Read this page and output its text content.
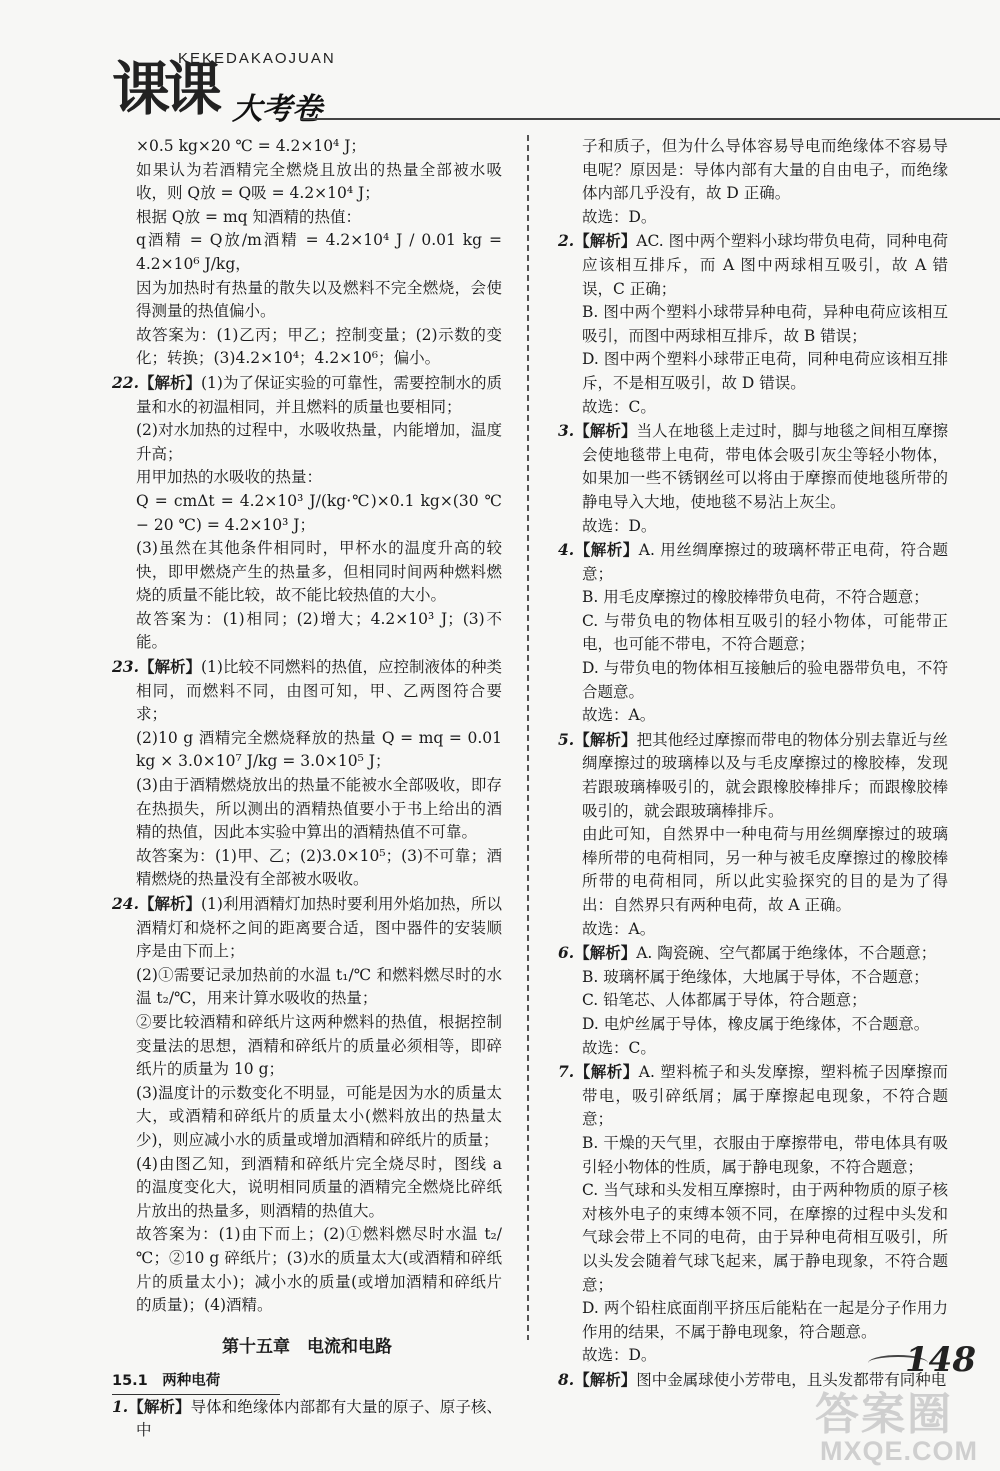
课课
KEKEDAKAOJUAN
大考卷

×0.5 kg×20 ℃ = 4.2×10⁴ J；

如果认为若酒精完全燃烧且放出的热量全部被水吸收，则 Q放 = Q吸 = 4.2×10⁴ J；

根据 Q放 = mq 知酒精的热值：

q酒精 = Q放/m酒精 = 4.2×10⁴ J / 0.01 kg = 4.2×10⁶ J/kg，

因为加热时有热量的散失以及燃料不完全燃烧，会使得测量的热值偏小。

故答案为：(1)乙丙；甲乙；控制变量；(2)示数的变化；转换；(3)4.2×10⁴；4.2×10⁶；偏小。

22.【解析】(1)为了保证实验的可靠性，需要控制水的质量和水的初温相同，并且燃料的质量也要相同；

(2)对水加热的过程中，水吸收热量，内能增加，温度升高；

用甲加热的水吸收的热量：

Q = cmΔt = 4.2×10³ J/(kg·℃)×0.1 kg×(30 ℃ − 20 ℃) = 4.2×10³ J；

(3)虽然在其他条件相同时，甲杯水的温度升高的较快，即甲燃烧产生的热量多，但相同时间两种燃料燃烧的质量不能比较，故不能比较热值的大小。

故答案为：(1)相同；(2)增大；4.2×10³ J；(3)不能。

23.【解析】(1)比较不同燃料的热值，应控制液体的种类相同，而燃料不同，由图可知，甲、乙两图符合要求；

(2)10 g 酒精完全燃烧释放的热量 Q = mq = 0.01 kg × 3.0×10⁷ J/kg = 3.0×10⁵ J；

(3)由于酒精燃烧放出的热量不能被水全部吸收，即存在热损失，所以测出的酒精热值要小于书上给出的酒精的热值，因此本实验中算出的酒精热值不可靠。

故答案为：(1)甲、乙；(2)3.0×10⁵；(3)不可靠；酒精燃烧的热量没有全部被水吸收。

24.【解析】(1)利用酒精灯加热时要利用外焰加热，所以酒精灯和烧杯之间的距离要合适，图中器件的安装顺序是由下而上；

(2)①需要记录加热前的水温 t₁/℃ 和燃料燃尽时的水温 t₂/℃，用来计算水吸收的热量；

②要比较酒精和碎纸片这两种燃料的热值，根据控制变量法的思想，酒精和碎纸片的质量必须相等，即碎纸片的质量为 10 g；

(3)温度计的示数变化不明显，可能是因为水的质量太大，或酒精和碎纸片的质量太小(燃料放出的热量太少)，则应减小水的质量或增加酒精和碎纸片的质量；

(4)由图乙知，到酒精和碎纸片完全烧尽时，图线 a 的温度变化大，说明相同质量的酒精完全燃烧比碎纸片放出的热量多，则酒精的热值大。

故答案为：(1)由下而上；(2)①燃料燃尽时水温 t₂/℃；②10 g 碎纸片；(3)水的质量太大(或酒精和碎纸片的质量太小)；减小水的质量(或增加酒精和碎纸片的质量)；(4)酒精。

第十五章　电流和电路
15.1　两种电荷

1.【解析】导体和绝缘体内部都有大量的原子、原子核、中

子和质子，但为什么导体容易导电而绝缘体不容易导电呢？原因是：导体内部有大量的自由电子，而绝缘体内部几乎没有，故 D 正确。

故选：D。

2.【解析】AC. 图中两个塑料小球均带负电荷，同种电荷应该相互排斥，而 A 图中两球相互吸引，故 A 错误，C 正确；

B. 图中两个塑料小球带异种电荷，异种电荷应该相互吸引，而图中两球相互排斥，故 B 错误；

D. 图中两个塑料小球带正电荷，同种电荷应该相互排斥，不是相互吸引，故 D 错误。

故选：C。

3.【解析】当人在地毯上走过时，脚与地毯之间相互摩擦会使地毯带上电荷，带电体会吸引灰尘等轻小物体，如果加一些不锈钢丝可以将由于摩擦而使地毯所带的静电导入大地，使地毯不易沾上灰尘。

故选：D。

4.【解析】A. 用丝绸摩擦过的玻璃杯带正电荷，符合题意；

B. 用毛皮摩擦过的橡胶棒带负电荷，不符合题意；

C. 与带负电的物体相互吸引的轻小物体，可能带正电，也可能不带电，不符合题意；

D. 与带负电的物体相互接触后的验电器带负电，不符合题意。

故选：A。

5.【解析】把其他经过摩擦而带电的物体分别去靠近与丝绸摩擦过的玻璃棒以及与毛皮摩擦过的橡胶棒，发现若跟玻璃棒吸引的，就会跟橡胶棒排斥；而跟橡胶棒吸引的，就会跟玻璃棒排斥。

由此可知，自然界中一种电荷与用丝绸摩擦过的玻璃棒所带的电荷相同，另一种与被毛皮摩擦过的橡胶棒所带的电荷相同，所以此实验探究的目的是为了得出：自然界只有两种电荷，故 A 正确。

故选：A。

6.【解析】A. 陶瓷碗、空气都属于绝缘体，不合题意；

B. 玻璃杯属于绝缘体，大地属于导体，不合题意；

C. 铅笔芯、人体都属于导体，符合题意；

D. 电炉丝属于导体，橡皮属于绝缘体，不合题意。

故选：C。

7.【解析】A. 塑料梳子和头发摩擦，塑料梳子因摩擦而带电，吸引碎纸屑；属于摩擦起电现象，不符合题意；

B. 干燥的天气里，衣服由于摩擦带电，带电体具有吸引轻小物体的性质，属于静电现象，不符合题意；

C. 当气球和头发相互摩擦时，由于两种物质的原子核对核外电子的束缚本领不同，在摩擦的过程中头发和气球会带上不同的电荷，由于异种电荷相互吸引，所以头发会随着气球飞起来，属于静电现象，不符合题意；

D. 两个铅柱底面削平挤压后能粘在一起是分子作用力作用的结果，不属于静电现象，符合题意。

故选：D。

8.【解析】图中金属球使小芳带电，且头发都带有同种电

148
答案圈
MXQE.COM
